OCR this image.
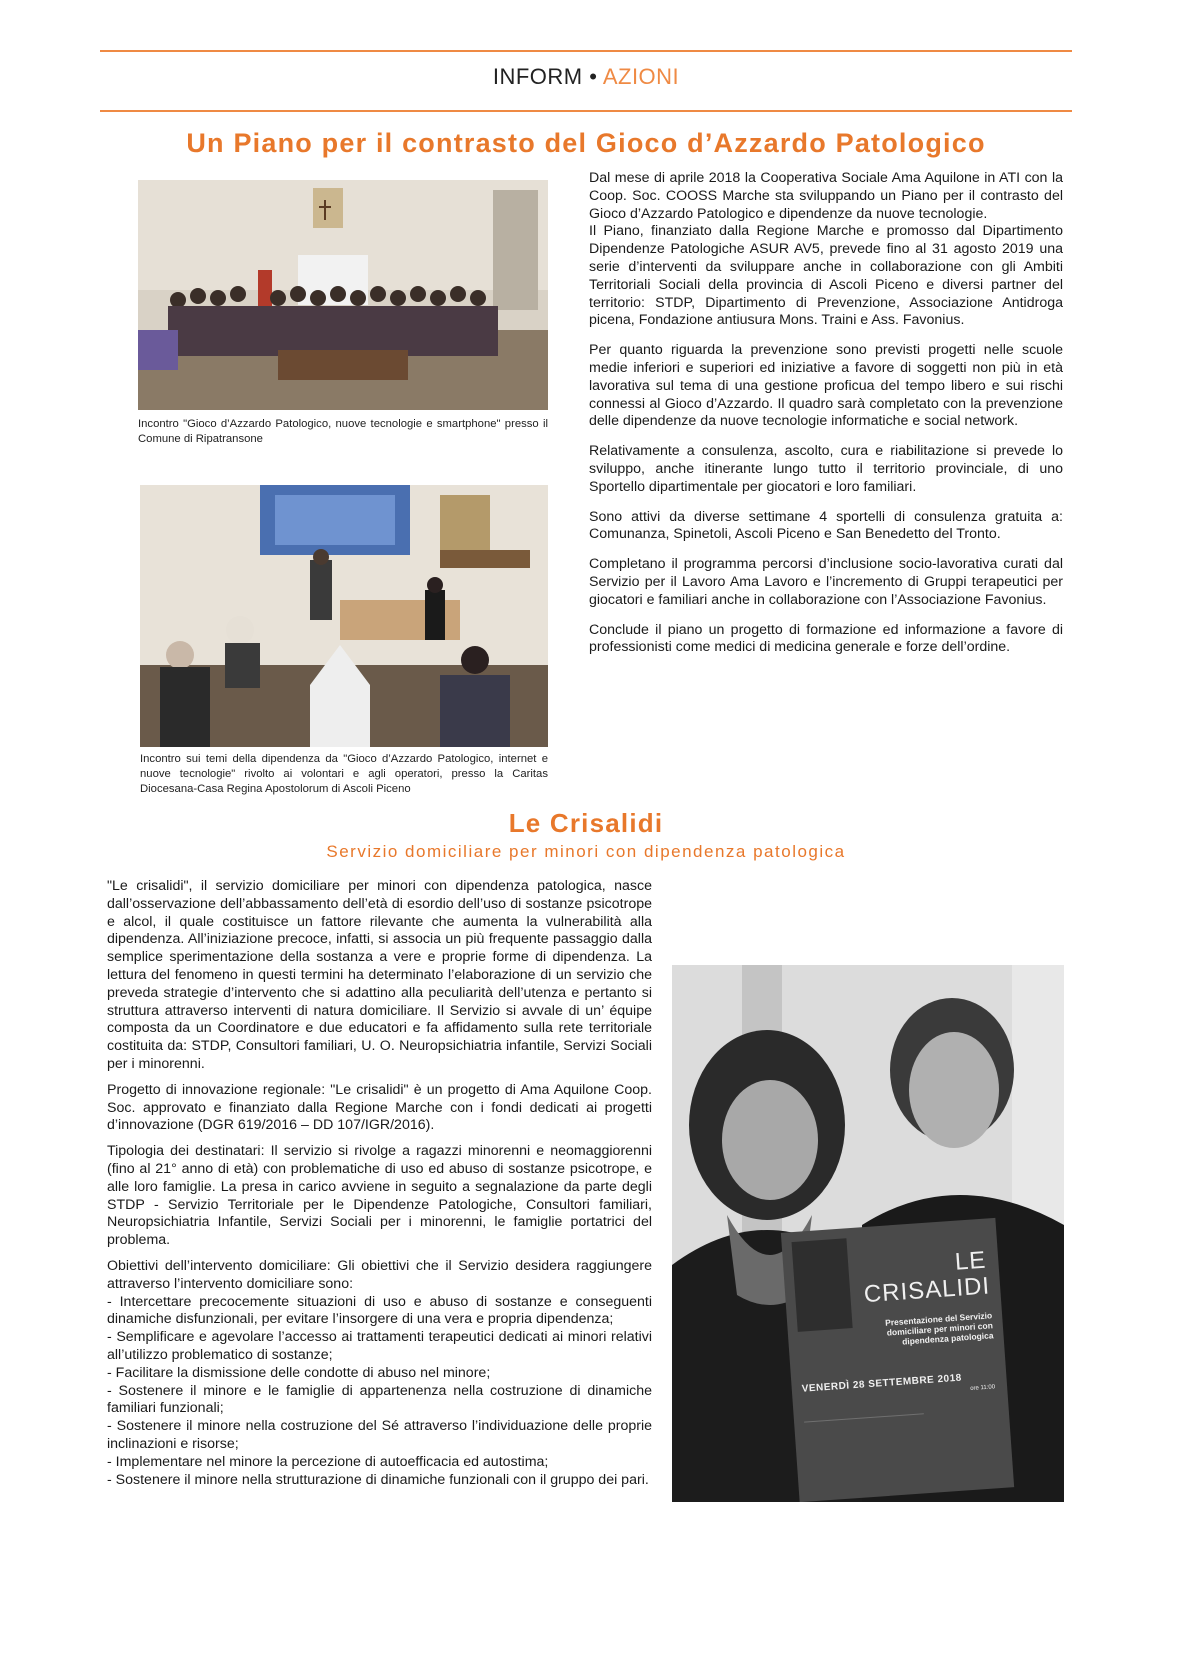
INFORM • AZIONI
Un Piano per il contrasto del Gioco d’Azzardo Patologico
Incontro "Gioco d’Azzardo Patologico, nuove tecnologie e smartphone" presso il Comune di Ripatransone
Incontro sui temi della dipendenza da "Gioco d’Azzardo Patologico, internet e nuove tecnologie" rivolto ai volontari e agli operatori, presso la Caritas Diocesana-Casa Regina Apostolorum di Ascoli Piceno

Dal mese di aprile 2018 la Cooperativa Sociale Ama Aquilone in ATI con la Coop. Soc. COOSS Marche sta sviluppando un Piano per il contrasto del Gioco d’Azzardo Patologico e dipendenze da nuove tecnologie.

Il Piano, finanziato dalla Regione Marche e promosso dal Dipartimento Dipendenze Patologiche ASUR AV5, prevede fino al 31 agosto 2019 una serie d’interventi da sviluppare anche in collaborazione con gli Ambiti Territoriali Sociali della provincia di Ascoli Piceno e diversi partner del territorio: STDP, Dipartimento di Prevenzione, Associazione Antidroga picena, Fondazione antiusura Mons. Traini e Ass. Favonius.

Per quanto riguarda la prevenzione sono previsti progetti nelle scuole medie inferiori e superiori ed iniziative a favore di soggetti non più in età lavorativa sul tema di una gestione proficua del tempo libero e sui rischi connessi al Gioco d’Azzardo. Il quadro sarà completato con la prevenzione delle dipendenze da nuove tecnologie informatiche e social network.

Relativamente a consulenza, ascolto, cura e riabilitazione si prevede lo sviluppo, anche itinerante lungo tutto il territorio provinciale, di uno Sportello dipartimentale per giocatori e loro familiari.

Sono attivi da diverse settimane 4 sportelli di consulenza gratuita a: Comunanza, Spinetoli, Ascoli Piceno e San Benedetto del Tronto.

Completano il programma percorsi d’inclusione socio-lavorativa curati dal Servizio per il Lavoro Ama Lavoro e l’incremento di Gruppi terapeutici per giocatori e familiari anche in collaborazione con l’Associazione Favonius.

Conclude il piano un progetto di formazione ed informazione a favore di professionisti come medici di medicina generale e forze dell’ordine.

Le Crisalidi
Servizio domiciliare per minori con dipendenza patologica

"Le crisalidi", il servizio domiciliare per minori con dipendenza patologica, nasce dall’osservazione dell’abbassamento dell’età di esordio dell’uso di sostanze psicotrope e alcol, il quale costituisce un fattore rilevante che aumenta la vulnerabilità alla dipendenza. All’iniziazione precoce, infatti, si associa un più frequente passaggio dalla semplice sperimentazione della sostanza a vere e proprie forme di dipendenza. La lettura del fenomeno in questi termini ha determinato l’elaborazione di un servizio che preveda strategie d’intervento che si adattino alla peculiarità dell’utenza e pertanto si struttura attraverso interventi di natura domiciliare. Il Servizio si avvale di un’ équipe composta da un Coordinatore e due educatori e fa affidamento sulla rete territoriale costituita da: STDP, Consultori familiari, U. O. Neuropsichiatria infantile, Servizi Sociali per i minorenni.

Progetto di innovazione regionale: "Le crisalidi" è un progetto di Ama Aquilone Coop. Soc. approvato e finanziato dalla Regione Marche con i fondi dedicati ai progetti d’innovazione (DGR 619/2016 – DD 107/IGR/2016).

Tipologia dei destinatari: Il servizio si rivolge a ragazzi minorenni e neomaggiorenni (fino al 21° anno di età) con problematiche di uso ed abuso di sostanze psicotrope, e alle loro famiglie. La presa in carico avviene in seguito a segnalazione da parte degli STDP - Servizio Territoriale per le Dipendenze Patologiche, Consultori familiari, Neuropsichiatria Infantile, Servizi Sociali per i minorenni, le famiglie portatrici del problema.

Obiettivi dell’intervento domiciliare: Gli obiettivi che il Servizio desidera raggiungere attraverso l’intervento domiciliare sono:

- Intercettare precocemente situazioni di uso e abuso di sostanze e conseguenti dinamiche disfunzionali, per evitare l’insorgere di una vera e propria dipendenza;

- Semplificare e agevolare l’accesso ai trattamenti terapeutici dedicati ai minori relativi all’utilizzo problematico di sostanze;

- Facilitare la dismissione delle condotte di abuso nel minore;

- Sostenere il minore e le famiglie di appartenenza nella costruzione di dinamiche familiari funzionali;

- Sostenere il minore nella costruzione del Sé attraverso l’individuazione delle proprie inclinazioni e risorse;

- Implementare nel minore la percezione di autoefficacia ed autostima;

- Sostenere il minore nella strutturazione di dinamiche funzionali con il gruppo dei pari.

LE
CRISALIDI
Presentazione del Servizio domiciliare per minori con dipendenza patologica
VENERDÌ 28 SETTEMBRE 2018 ore 11:00
